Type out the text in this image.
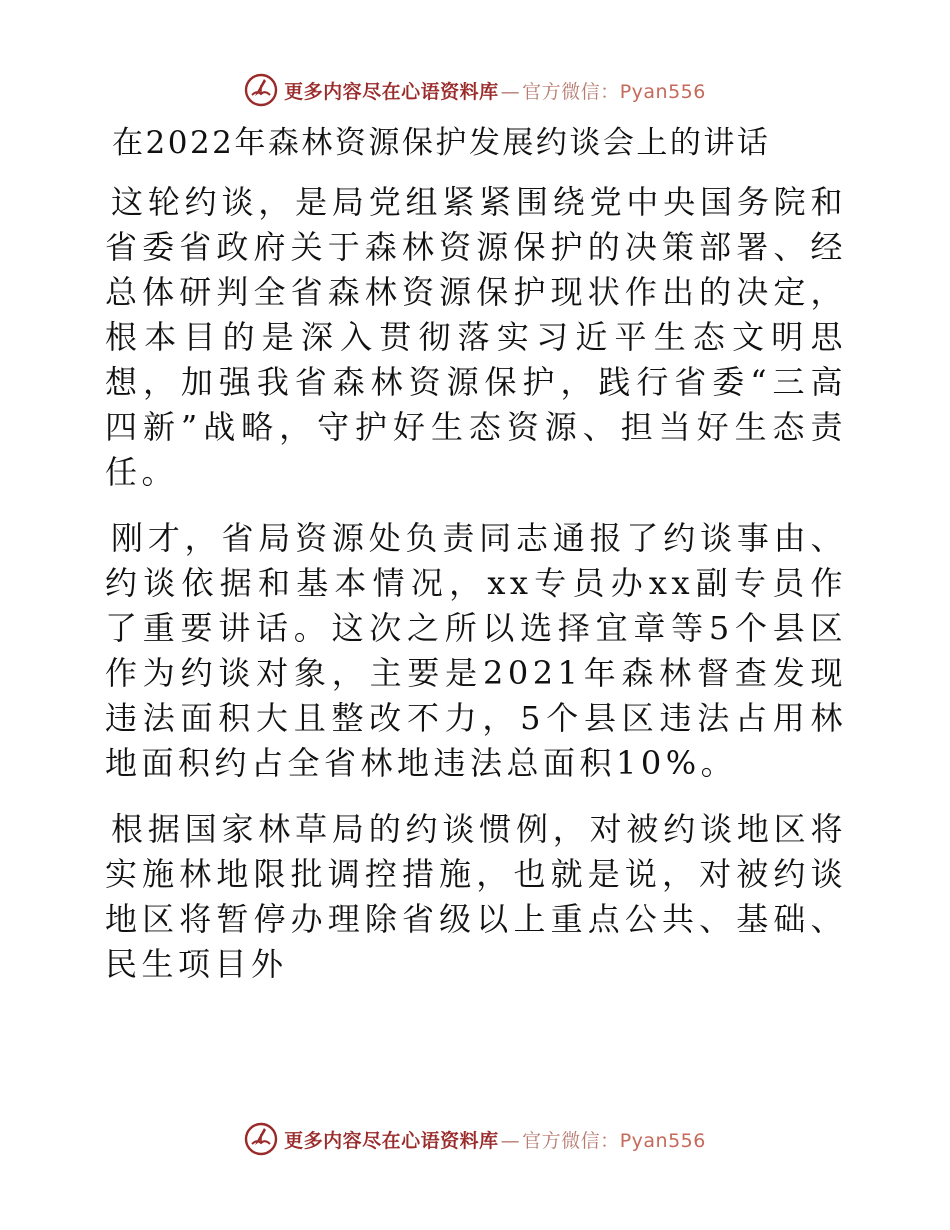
更多内容尽在心语资料库 — 官方微信：Pyan556
在2022年森林资源保护发展约谈会上的讲话
这轮约谈，是局党组紧紧围绕党中央国务院和省委省政府关于森林资源保护的决策部署、经总体研判全省森林资源保护现状作出的决定，根本目的是深入贯彻落实习近平生态文明思想，加强我省森林资源保护，践行省委“三高四新”战略，守护好生态资源、担当好生态责任。
刚才，省局资源处负责同志通报了约谈事由、约谈依据和基本情况，xx专员办xx副专员作了重要讲话。这次之所以选择宜章等5个县区作为约谈对象，主要是2021年森林督查发现违法面积大且整改不力，5个县区违法占用林地面积约占全省林地违法总面积10%。
根据国家林草局的约谈惯例，对被约谈地区将实施林地限批调控措施，也就是说，对被约谈地区将暂停办理除省级以上重点公共、基础、民生项目外
更多内容尽在心语资料库 — 官方微信：Pyan556
